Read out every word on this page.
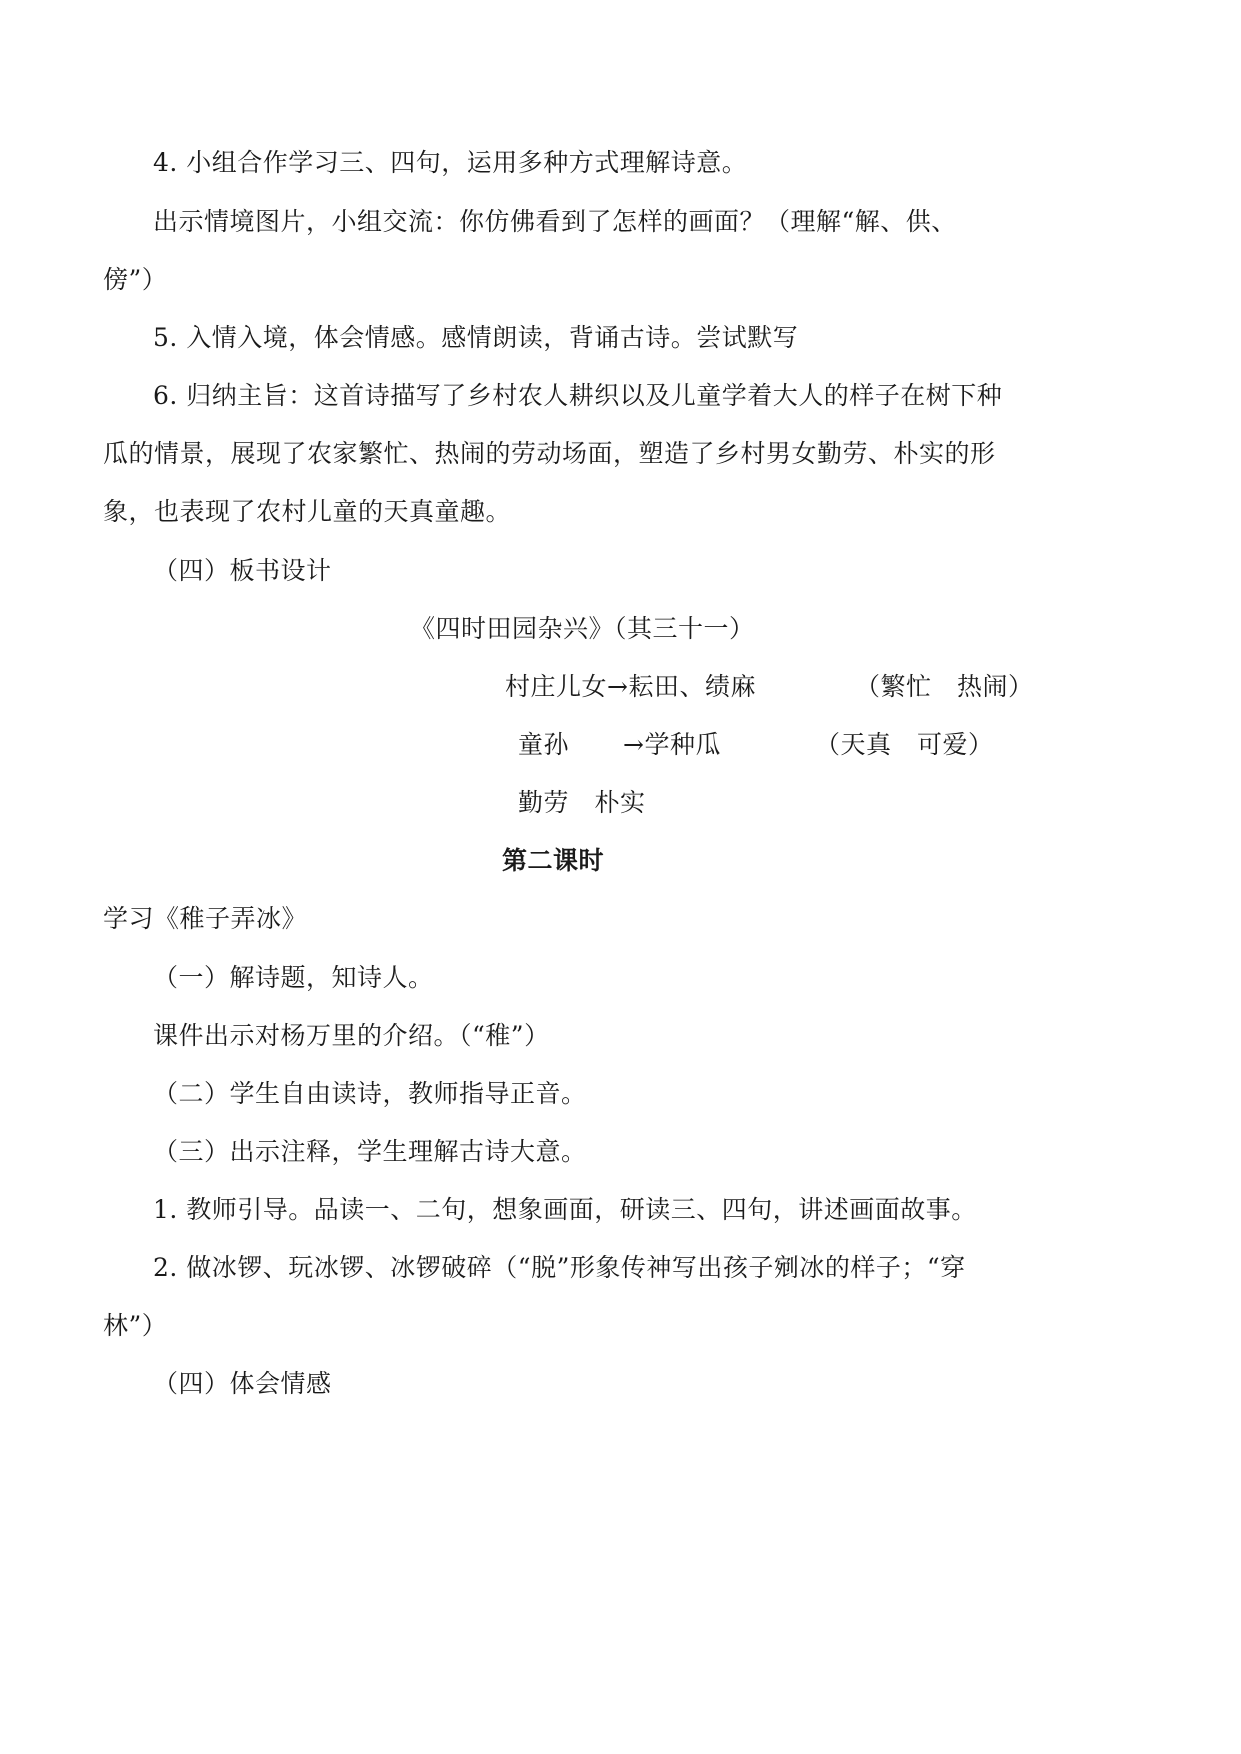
4. 小组合作学习三、四句，运用多种方式理解诗意。
出示情境图片，小组交流：你仿佛看到了怎样的画面？（理解“解、供、
傍”）
5. 入情入境，体会情感。感情朗读，背诵古诗。尝试默写
6. 归纳主旨：这首诗描写了乡村农人耕织以及儿童学着大人的样子在树下种
瓜的情景，展现了农家繁忙、热闹的劳动场面，塑造了乡村男女勤劳、朴实的形
象，也表现了农村儿童的天真童趣。
（四）板书设计
《四时田园杂兴》（其三十一）
村庄儿女→耘田、绩麻	（繁忙　热闹）
童孙 →学种瓜	（天真　可爱）
勤劳　朴实
第二课时
学习《稚子弄冰》
（一）解诗题，知诗人。
课件出示对杨万里的介绍。（“稚”）
（二）学生自由读诗，教师指导正音。
（三）出示注释，学生理解古诗大意。
1. 教师引导。品读一、二句，想象画面，研读三、四句，讲述画面故事。
2. 做冰锣、玩冰锣、冰锣破碎（“脱”形象传神写出孩子剜冰的样子；“穿
林”）
（四）体会情感
